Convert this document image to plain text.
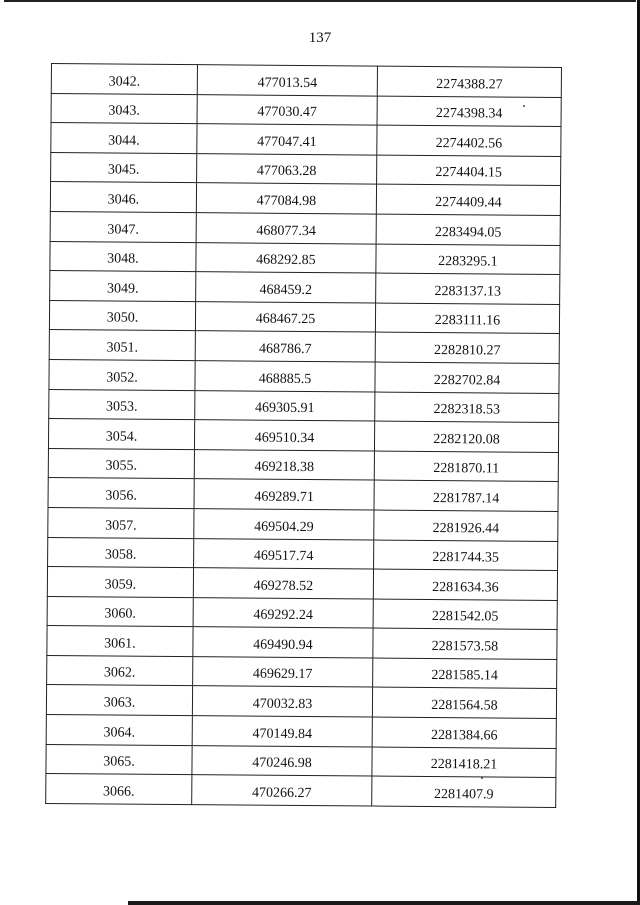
137
3042.	477013.54	2274388.27
3043.	477030.47	2274398.34
3044.	477047.41	2274402.56
3045.	477063.28	2274404.15
3046.	477084.98	2274409.44
3047.	468077.34	2283494.05
3048.	468292.85	2283295.1
3049.	468459.2	2283137.13
3050.	468467.25	2283111.16
3051.	468786.7	2282810.27
3052.	468885.5	2282702.84
3053.	469305.91	2282318.53
3054.	469510.34	2282120.08
3055.	469218.38	2281870.11
3056.	469289.71	2281787.14
3057.	469504.29	2281926.44
3058.	469517.74	2281744.35
3059.	469278.52	2281634.36
3060.	469292.24	2281542.05
3061.	469490.94	2281573.58
3062.	469629.17	2281585.14
3063.	470032.83	2281564.58
3064.	470149.84	2281384.66
3065.	470246.98	2281418.21
3066.	470266.27	2281407.9
